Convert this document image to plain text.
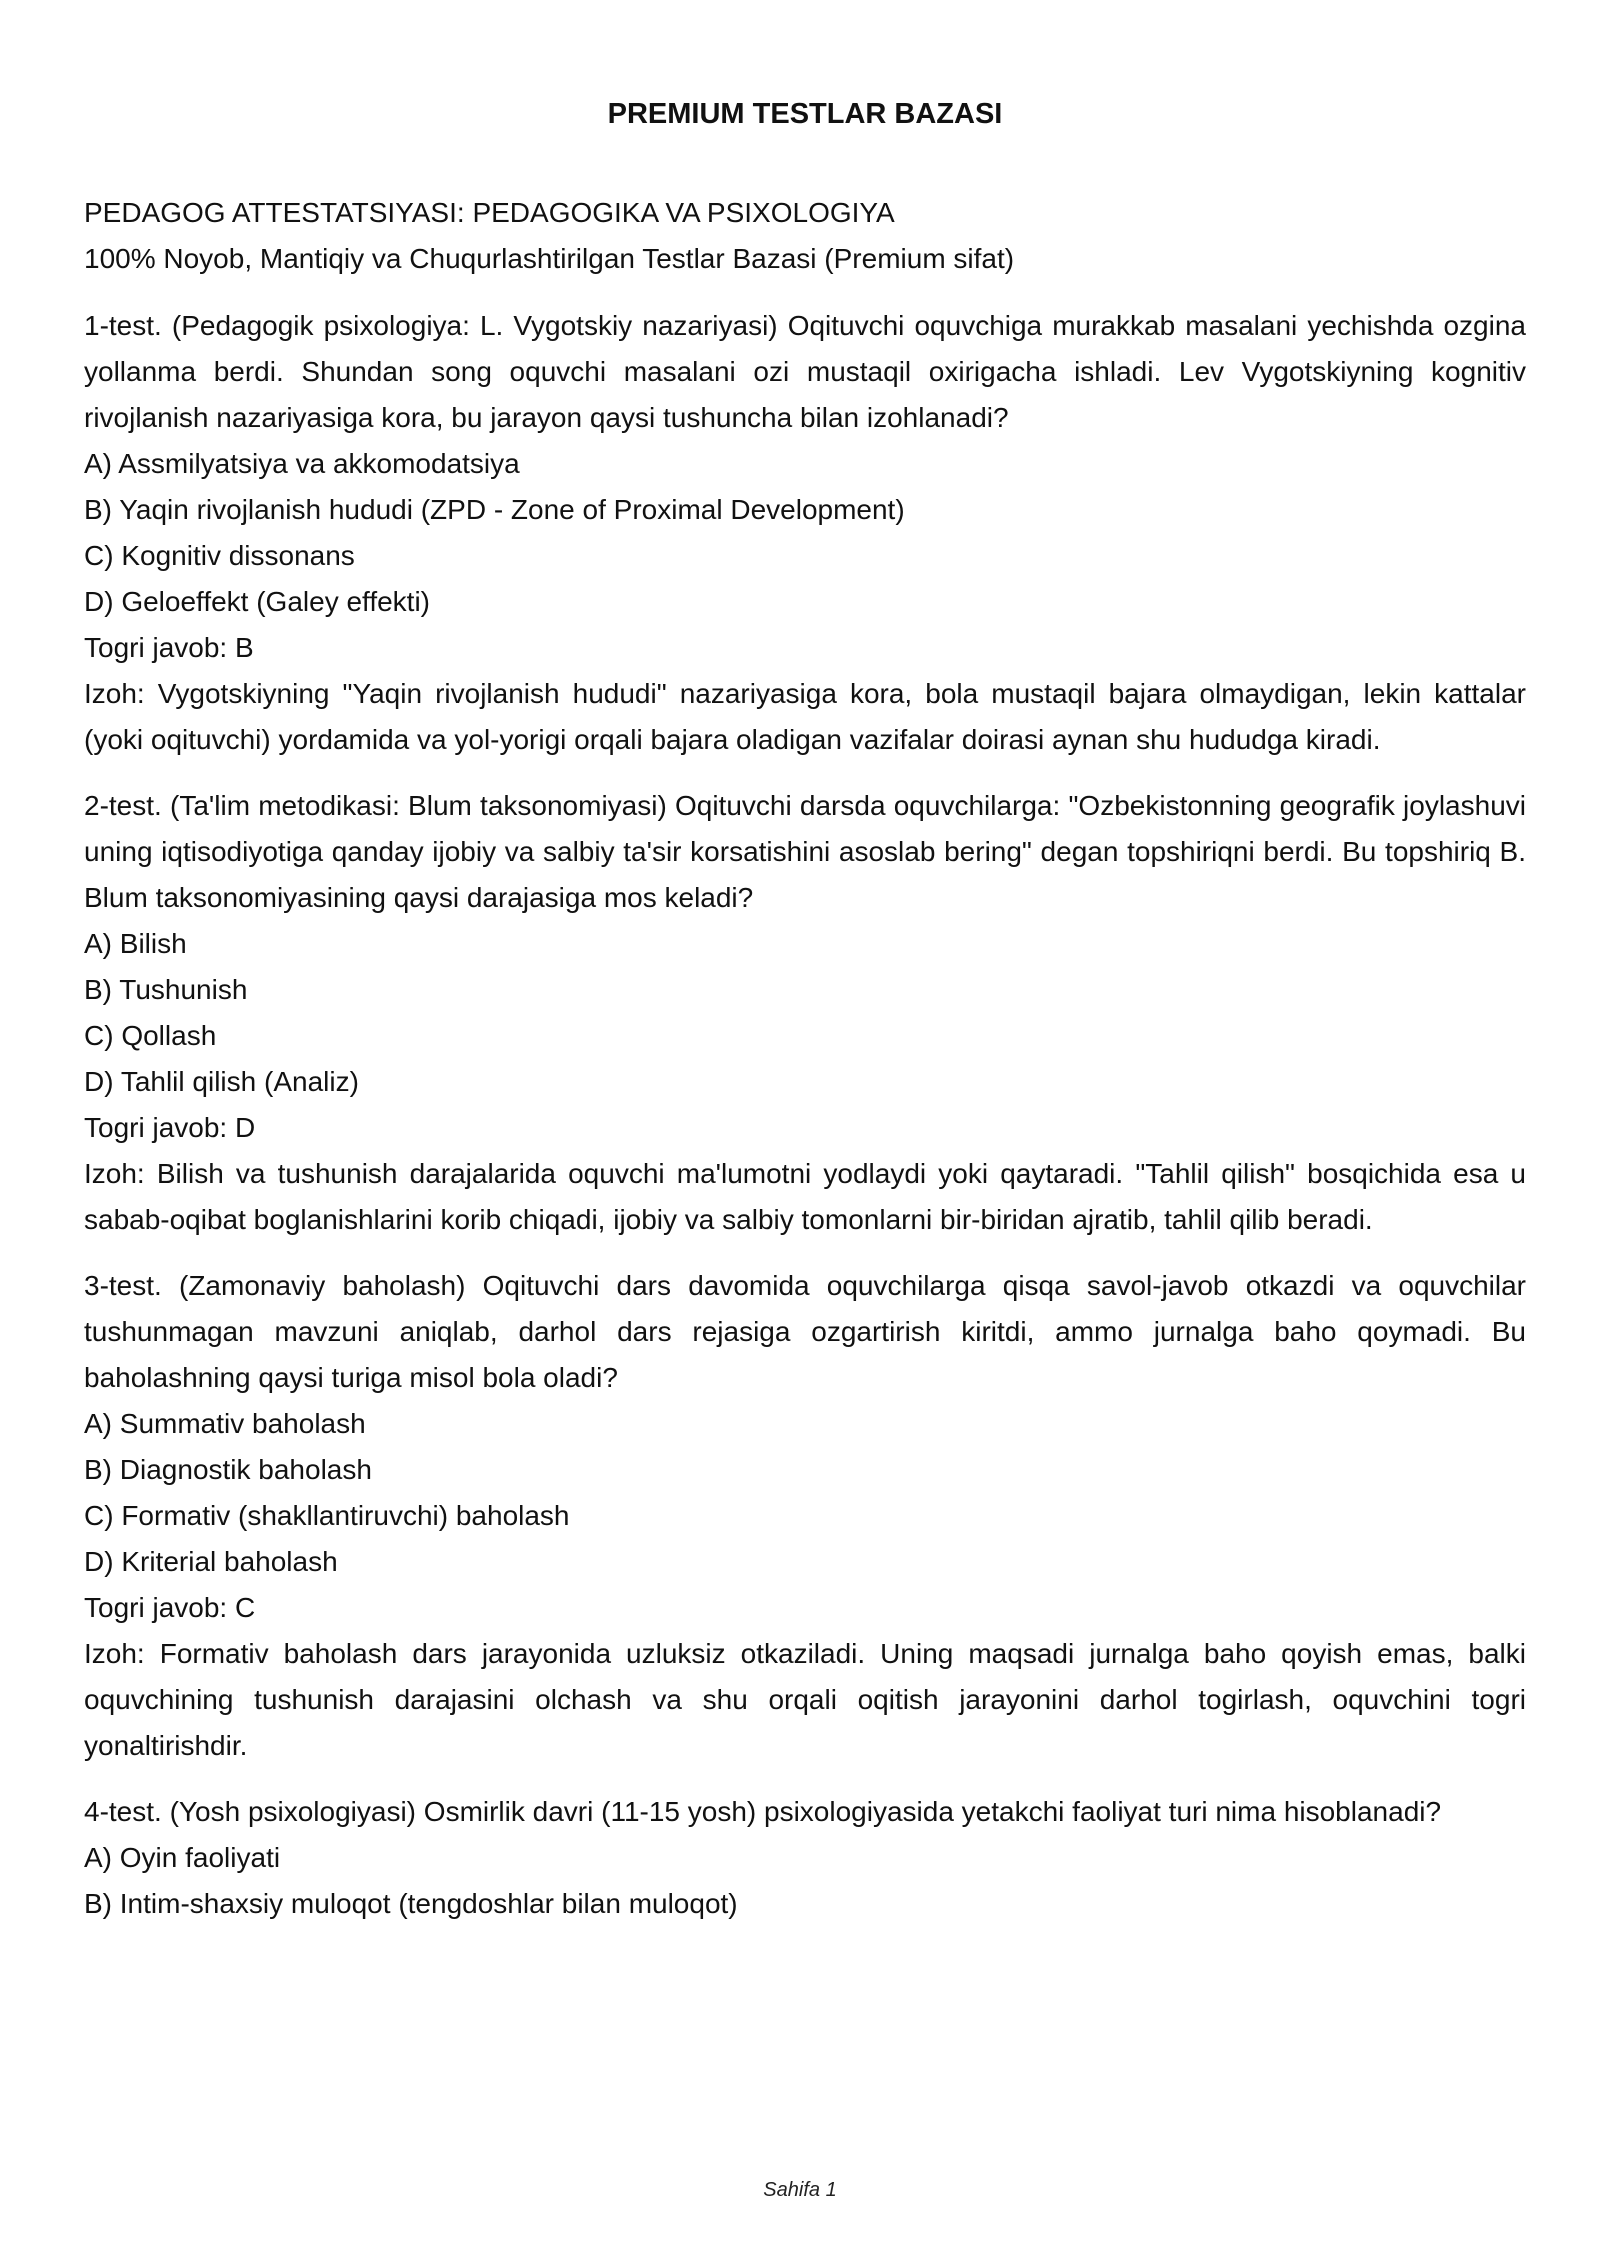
PREMIUM TESTLAR BAZASI
PEDAGOG ATTESTATSIYASI: PEDAGOGIKA VA PSIXOLOGIYA
100% Noyob, Mantiqiy va Chuqurlashtirilgan Testlar Bazasi (Premium sifat)

1-test. (Pedagogik psixologiya: L. Vygotskiy nazariyasi) Oqituvchi oquvchiga murakkab masalani yechishda ozgina yollanma berdi. Shundan song oquvchi masalani ozi mustaqil oxirigacha ishladi. Lev Vygotskiyning kognitiv rivojlanish nazariyasiga kora, bu jarayon qaysi tushuncha bilan izohlanadi?

A) Assmilyatsiya va akkomodatsiya

B) Yaqin rivojlanish hududi (ZPD - Zone of Proximal Development)

C) Kognitiv dissonans

D) Geloeffekt (Galey effekti)

Togri javob: B

Izoh: Vygotskiyning "Yaqin rivojlanish hududi" nazariyasiga kora, bola mustaqil bajara olmaydigan, lekin kattalar (yoki oqituvchi) yordamida va yol-yorigi orqali bajara oladigan vazifalar doirasi aynan shu hududga kiradi.

2-test. (Ta'lim metodikasi: Blum taksonomiyasi) Oqituvchi darsda oquvchilarga: "Ozbekistonning geografik joylashuvi uning iqtisodiyotiga qanday ijobiy va salbiy ta'sir korsatishini asoslab bering" degan topshiriqni berdi. Bu topshiriq B. Blum taksonomiyasining qaysi darajasiga mos keladi?

A) Bilish

B) Tushunish

C) Qollash

D) Tahlil qilish (Analiz)

Togri javob: D

Izoh: Bilish va tushunish darajalarida oquvchi ma'lumotni yodlaydi yoki qaytaradi. "Tahlil qilish" bosqichida esa u sabab-oqibat boglanishlarini korib chiqadi, ijobiy va salbiy tomonlarni bir-biridan ajratib, tahlil qilib beradi.

3-test. (Zamonaviy baholash) Oqituvchi dars davomida oquvchilarga qisqa savol-javob otkazdi va oquvchilar tushunmagan mavzuni aniqlab, darhol dars rejasiga ozgartirish kiritdi, ammo jurnalga baho qoymadi. Bu baholashning qaysi turiga misol bola oladi?

A) Summativ baholash

B) Diagnostik baholash

C) Formativ (shakllantiruvchi) baholash

D) Kriterial baholash

Togri javob: C

Izoh: Formativ baholash dars jarayonida uzluksiz otkaziladi. Uning maqsadi jurnalga baho qoyish emas, balki oquvchining tushunish darajasini olchash va shu orqali oqitish jarayonini darhol togirlash, oquvchini togri yonaltirishdir.

4-test. (Yosh psixologiyasi) Osmirlik davri (11-15 yosh) psixologiyasida yetakchi faoliyat turi nima hisoblanadi?

A) Oyin faoliyati

B) Intim-shaxsiy muloqot (tengdoshlar bilan muloqot)

Sahifa 1
